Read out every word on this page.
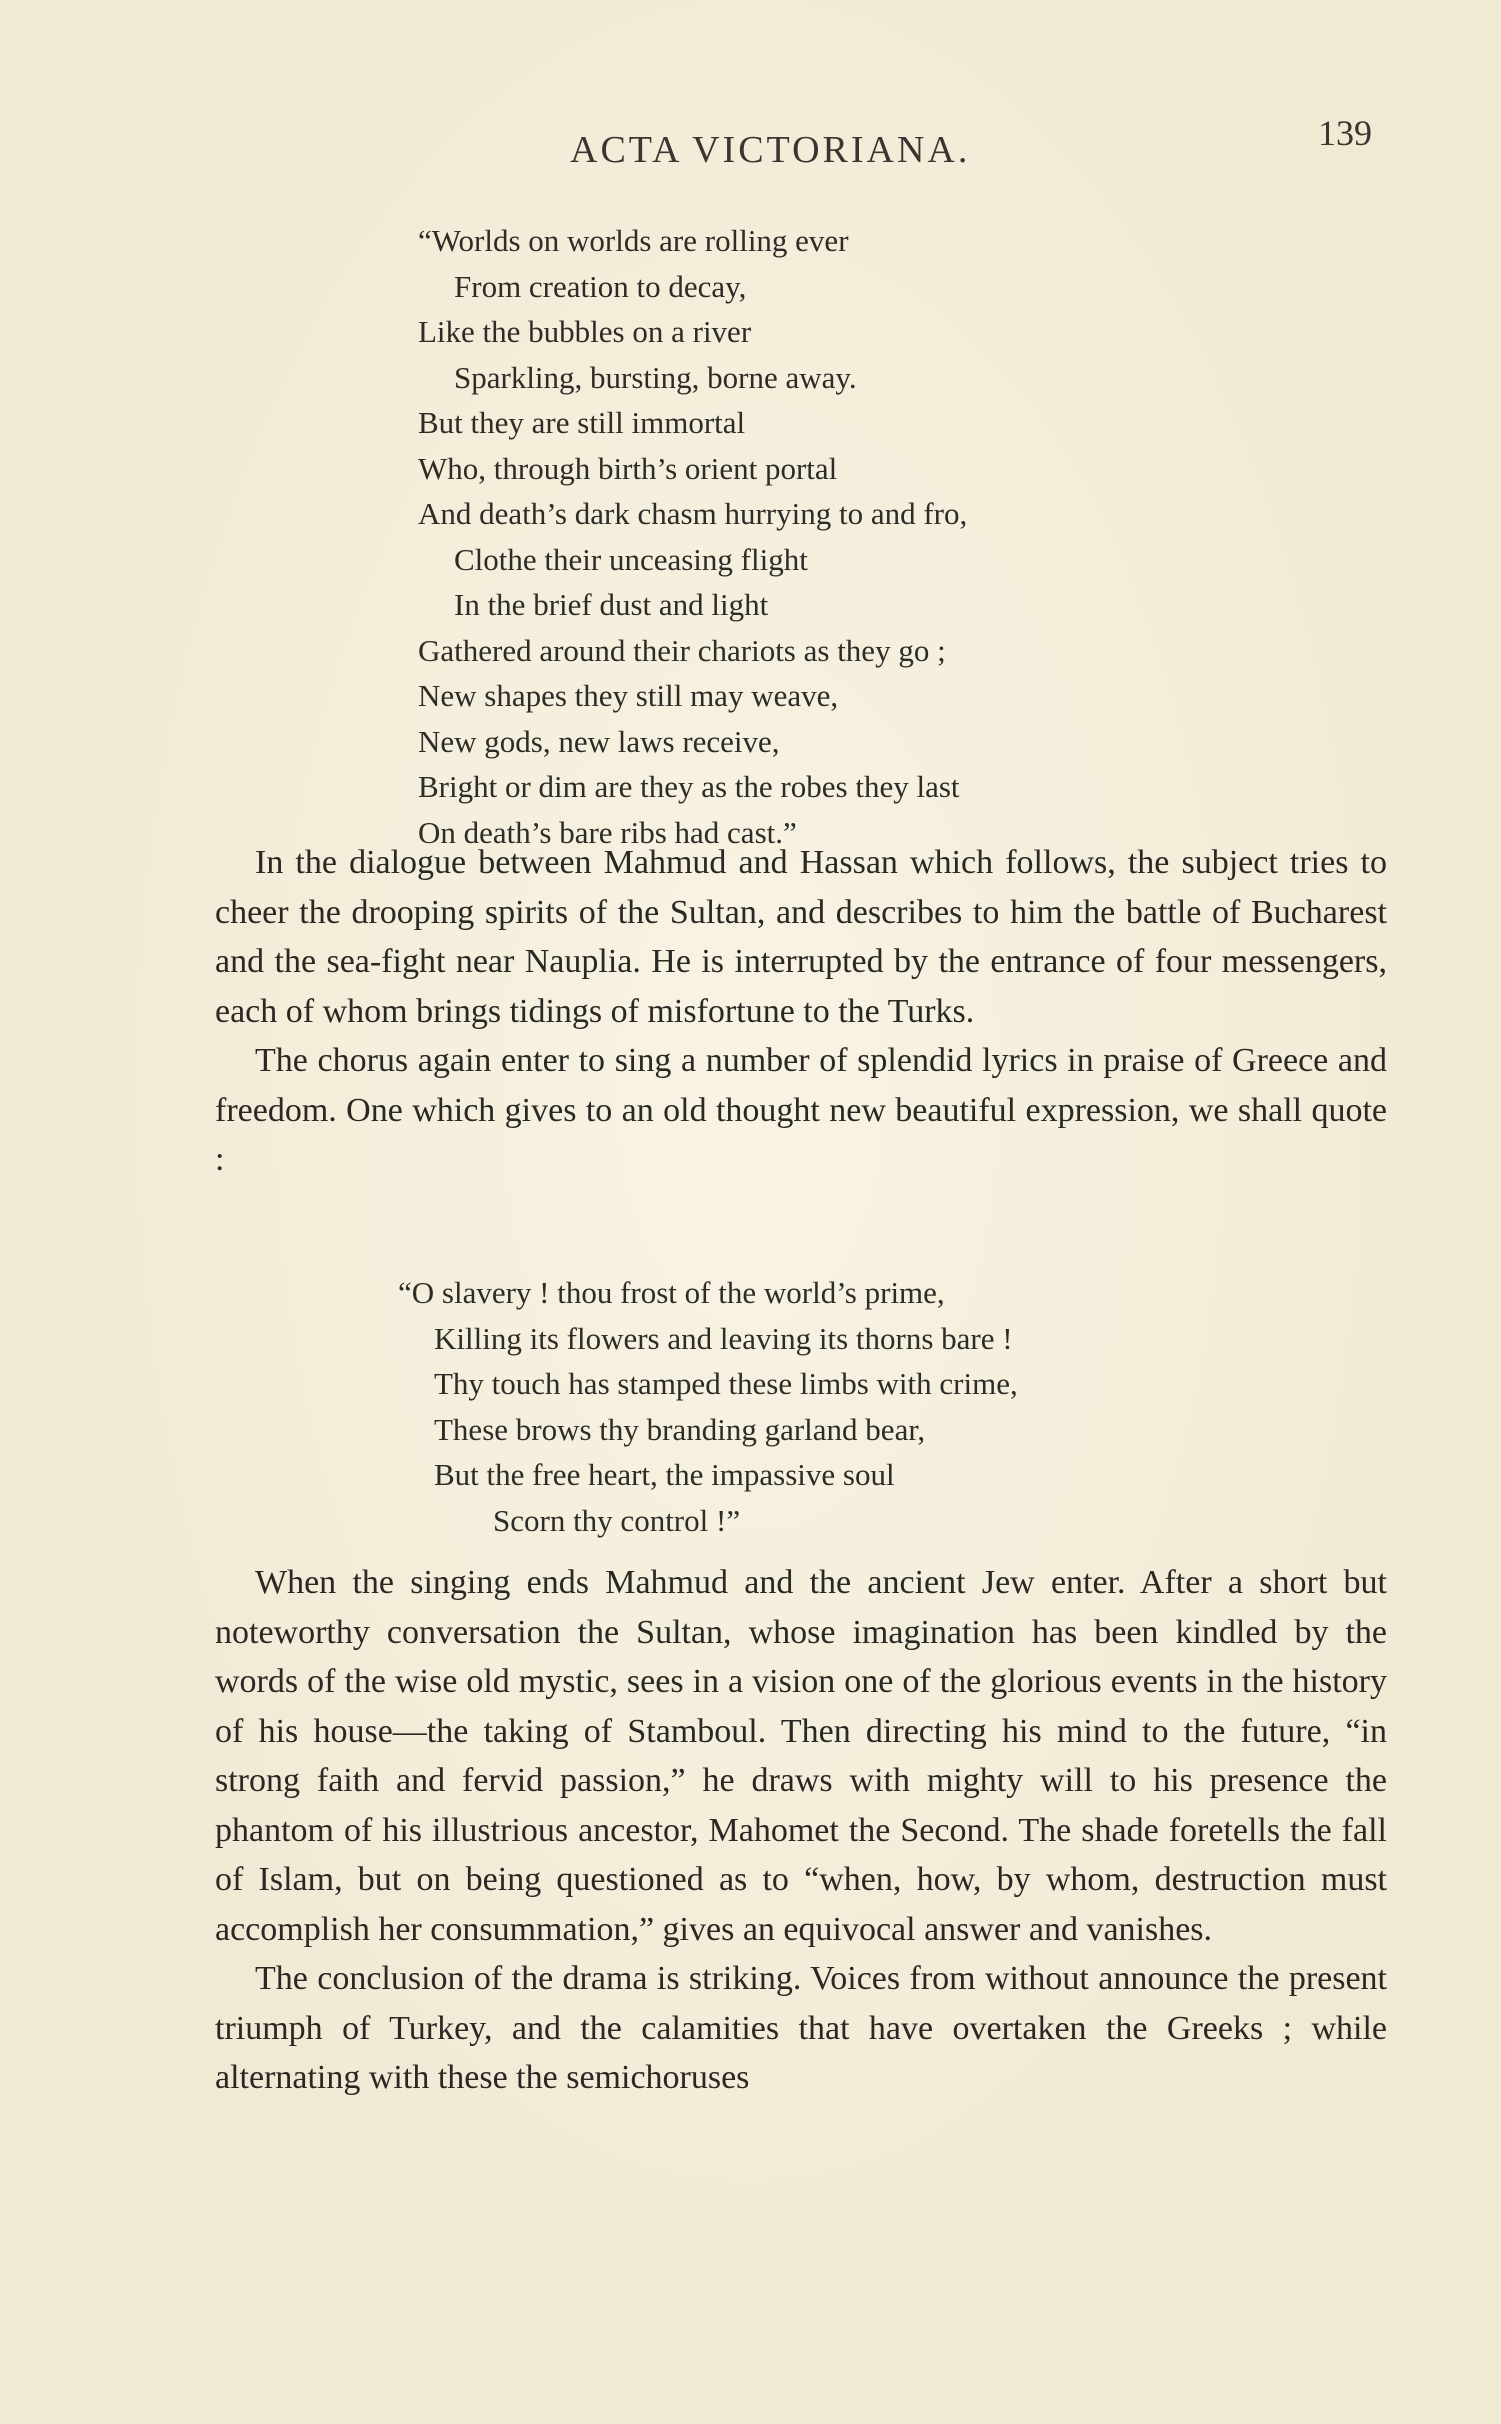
ACTA VICTORIANA.	139
“Worlds on worlds are rolling ever
From creation to decay,
Like the bubbles on a river
Sparkling, bursting, borne away.
But they are still immortal
Who, through birth’s orient portal
And death’s dark chasm hurrying to and fro,
Clothe their unceasing flight
In the brief dust and light
Gathered around their chariots as they go ;
New shapes they still may weave,
New gods, new laws receive,
Bright or dim are they as the robes they last
On death’s bare ribs had cast.”

In the dialogue between Mahmud and Hassan which follows, the subject tries to cheer the drooping spirits of the Sultan, and describes to him the battle of Bucharest and the sea-fight near Nauplia. He is interrupted by the entrance of four messengers, each of whom brings tidings of misfortune to the Turks.

The chorus again enter to sing a number of splendid lyrics in praise of Greece and freedom. One which gives to an old thought new beautiful expression, we shall quote :

“O slavery ! thou frost of the world’s prime,
Killing its flowers and leaving its thorns bare !
Thy touch has stamped these limbs with crime,
These brows thy branding garland bear,
But the free heart, the impassive soul
Scorn thy control !”

When the singing ends Mahmud and the ancient Jew enter. After a short but noteworthy conversation the Sultan, whose imagination has been kindled by the words of the wise old mystic, sees in a vision one of the glorious events in the history of his house—the taking of Stamboul. Then directing his mind to the future, “in strong faith and fervid passion,” he draws with mighty will to his presence the phantom of his illustrious ancestor, Mahomet the Second. The shade foretells the fall of Islam, but on being questioned as to “when, how, by whom, destruction must accomplish her consummation,” gives an equivocal answer and vanishes.

The conclusion of the drama is striking. Voices from without announce the present triumph of Turkey, and the calamities that have overtaken the Greeks ; while alternating with these the semichoruses
